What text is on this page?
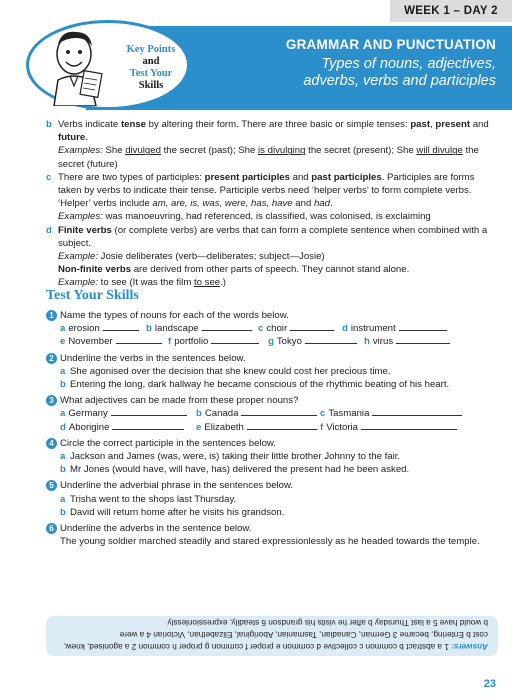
WEEK 1 – DAY 2
GRAMMAR AND PUNCTUATION
Types of nouns, adjectives,
adverbs, verbs and participles
Key Points
and
Test Your
Skills
b Verbs indicate tense by altering their form. There are three basic or simple tenses: past, present and future.

Examples: She divulged the secret (past); She is divulging the secret (present); She will divulge the secret (future)

c There are two types of participles: present participles and past participles. Participles are forms taken by verbs to indicate their tense. Participle verbs need ‘helper verbs’ to form complete verbs. ‘Helper’ verbs include am, are, is, was, were, has, have and had.

Examples: was manoeuvring, had referenced, is classified, was colonised, is exclaiming

d Finite verbs (or complete verbs) are verbs that can form a complete sentence when combined with a subject.

Example: Josie deliberates (verb—deliberates; subject—Josie)

Non-finite verbs are derived from other parts of speech. They cannot stand alone.

Example: to see (It was the film to see.)

Test Your Skills
1 Name the types of nouns for each of the words below.
a erosion	b landscape	c choir	d instrument
e November	f portfolio	g Tokyo	h virus
2 Underline the verbs in the sentences below.
a She agonised over the decision that she knew could cost her precious time.
b Entering the long, dark hallway he became conscious of the rhythmic beating of his heart.
3 What adjectives can be made from these proper nouns?
a Germany	b Canada	c Tasmania
d Aborigine	e Elizabeth	f Victoria
4 Circle the correct participle in the sentences below.
a Jackson and James (was, were, is) taking their little brother Johnny to the fair.
b Mr Jones (would have, will have, has) delivered the present had he been asked.
5 Underline the adverbial phrase in the sentences below.
a Trisha went to the shops last Thursday.
b David will return home after he visits his grandson.
6 Underline the adverbs in the sentence below.
The young soldier marched steadily and stared expressionlessly as he headed towards the temple.
Answers: 1 a abstract b common c collective d common e proper f common g proper h common 2 a agonised, knew, cost b Entering, became 3 German, Canadian, Tasmanian, Aboriginal, Elizabethan, Victorian 4 a were
b would have 5 a last Thursday b after he visits his grandson 6 steadily, expressionlessly
23
